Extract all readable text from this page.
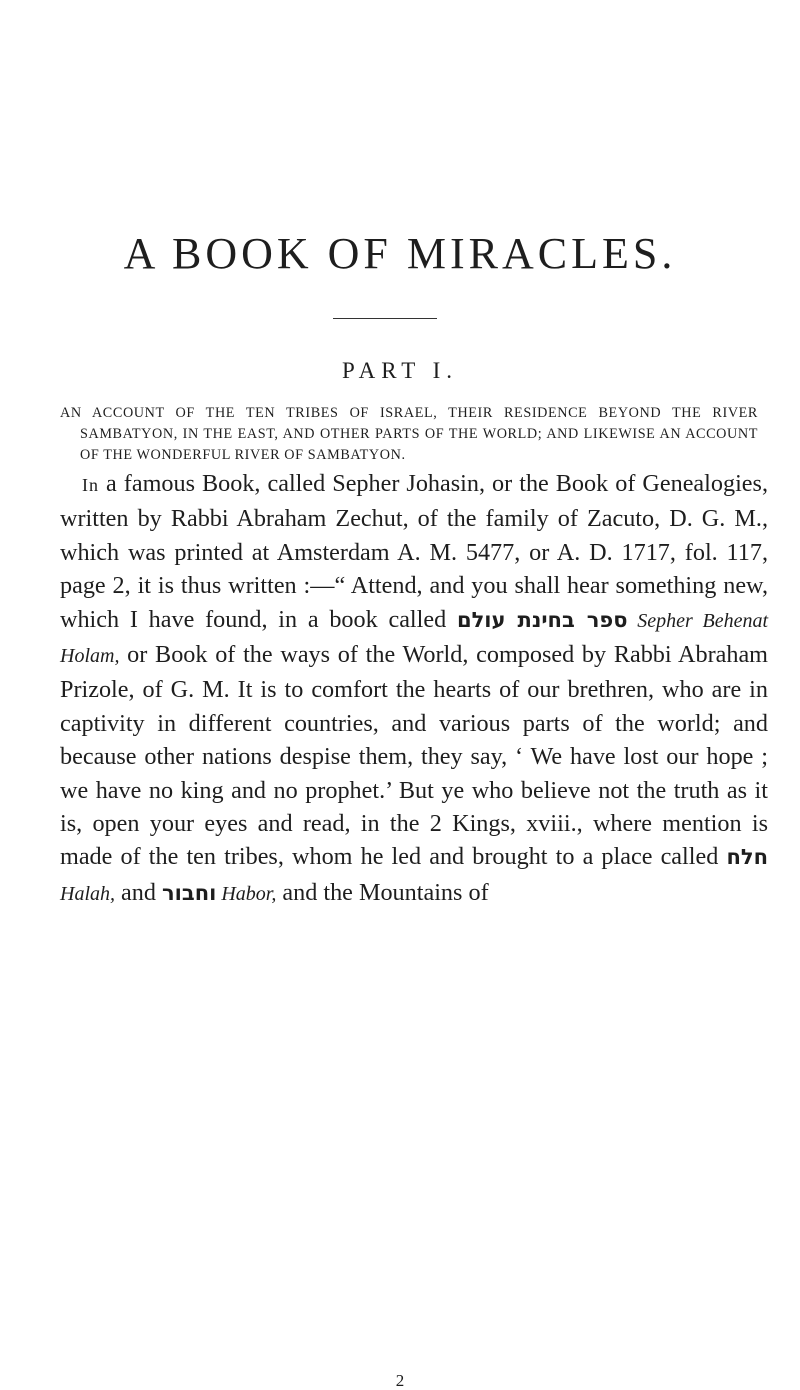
A BOOK OF MIRACLES.
PART I.

AN ACCOUNT OF THE TEN TRIBES OF ISRAEL, THEIR RESIDENCE BEYOND THE RIVER SAMBATYON, IN THE EAST, AND OTHER PARTS OF THE WORLD; AND LIKEWISE AN ACCOUNT OF THE WONDERFUL RIVER OF SAMBATYON.

In a famous Book, called Sepher Johasin, or the Book of Genealogies, written by Rabbi Abraham Zechut, of the family of Zacuto, D. G. M., which was printed at Amsterdam A. M. 5477, or A. D. 1717, fol. 117, page 2, it is thus written :—“ Attend, and you shall hear something new, which I have found, in a book called ספר בחינת עולם Sepher Behenat Holam, or Book of the ways of the World, composed by Rabbi Abraham Prizole, of G. M. It is to comfort the hearts of our brethren, who are in captivity in different countries, and various parts of the world; and because other nations despise them, they say, ‘ We have lost our hope ; we have no king and no prophet.’ But ye who believe not the truth as it is, open your eyes and read, in the 2 Kings, xviii., where mention is made of the ten tribes, whom he led and brought to a place called חלח Halah, and וחבור Habor, and the Mountains of

2
